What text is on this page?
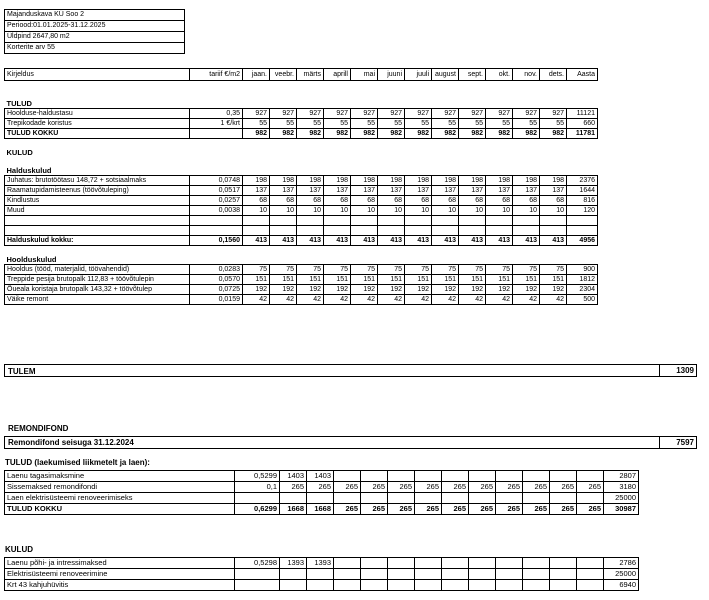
Majanduskava KÜ Soo 2
Periood:01.01.2025-31.12.2025
Üldpind 2647,80 m2
Korterite arv 55
Kirjeldus	tariif €/m2	jaan.	veebr.	märts	aprill	mai	juuni	juuli	august	sept.	okt.	nov.	dets.	Aasta

TULUD														
Hoolduse-haldustasu	0,35	927	927	927	927	927	927	927	927	927	927	927	927	11121
Trepikodade koristus	1 €/krt	55	55	55	55	55	55	55	55	55	55	55	55	660
TULUD KOKKU		982	982	982	982	982	982	982	982	982	982	982	982	11781

KULUD														

Halduskulud														
Juhatus: brutotöötasu 148,72 + sotsiaalmaks	0,0748	198	198	198	198	198	198	198	198	198	198	198	198	2376
Raamatupidamisteenus (töövõtuleping)	0,0517	137	137	137	137	137	137	137	137	137	137	137	137	1644
Kindlustus	0,0257	68	68	68	68	68	68	68	68	68	68	68	68	816
Muud	0,0038	10	10	10	10	10	10	10	10	10	10	10	10	120

Halduskulud kokku:	0,1560	413	413	413	413	413	413	413	413	413	413	413	413	4956

Hoolduskulud														
Hooldus (tööd, materjalid, töövahendid)	0,0283	75	75	75	75	75	75	75	75	75	75	75	75	900
Treppide pesija brutopalk 112,83 + töövõtulepin	0,0570	151	151	151	151	151	151	151	151	151	151	151	151	1812
Õueala koristaja brutopalk 143,32 + töövõtulep	0,0725	192	192	192	192	192	192	192	192	192	192	192	192	2304
Väike remont	0,0159	42	42	42	42	42	42	42	42	42	42	42	42	500
TULEM	1309
REMONDIFOND
Remondifond seisuga 31.12.2024	7597
TULUD (laekumised liikmetelt ja laen):
Laenu tagasimaksmine	0,5299	1403	1403											2807
Sissemaksed remondifondi	0,1	265	265	265	265	265	265	265	265	265	265	265	265	3180
Laen elektrisüsteemi renoveerimiseks														25000
TULUD KOKKU	0,6299	1668	1668	265	265	265	265	265	265	265	265	265	265	30987
KULUD
Laenu põhi- ja intressimaksed	0,5298	1393	1393											2786
Elektrisüsteemi renoveerimine														25000
Krt 43 kahjuhüvitis														6940
